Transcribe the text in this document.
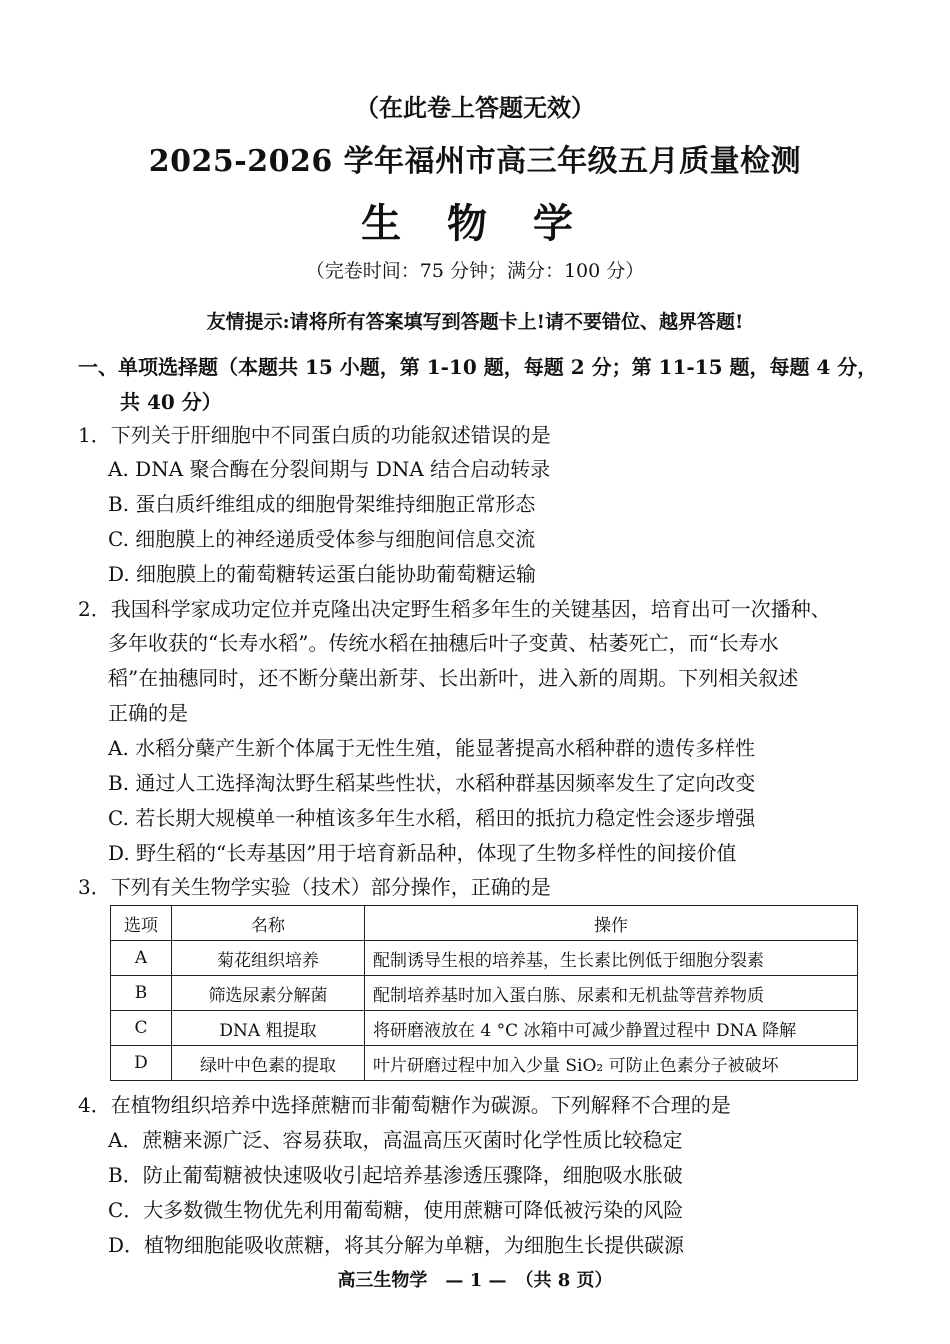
（在此卷上答题无效）
2025-2026 学年福州市高三年级五月质量检测
生 物 学
（完卷时间：75 分钟；满分：100 分）
友情提示:请将所有答案填写到答题卡上!请不要错位、越界答题!
一、单项选择题（本题共 15 小题，第 1-10 题，每题 2 分；第 11-15 题，每题 4 分，
共 40 分）
1．下列关于肝细胞中不同蛋白质的功能叙述错误的是
A. DNA 聚合酶在分裂间期与 DNA 结合启动转录
B. 蛋白质纤维组成的细胞骨架维持细胞正常形态
C. 细胞膜上的神经递质受体参与细胞间信息交流
D. 细胞膜上的葡萄糖转运蛋白能协助葡萄糖运输
2．我国科学家成功定位并克隆出决定野生稻多年生的关键基因，培育出可一次播种、
多年收获的“长寿水稻”。传统水稻在抽穗后叶子变黄、枯萎死亡，而“长寿水
稻”在抽穗同时，还不断分蘖出新芽、长出新叶，进入新的周期。下列相关叙述
正确的是
A. 水稻分蘖产生新个体属于无性生殖，能显著提高水稻种群的遗传多样性
B. 通过人工选择淘汰野生稻某些性状，水稻种群基因频率发生了定向改变
C. 若长期大规模单一种植该多年生水稻，稻田的抵抗力稳定性会逐步增强
D. 野生稻的“长寿基因”用于培育新品种，体现了生物多样性的间接价值
3．下列有关生物学实验（技术）部分操作，正确的是
选项	名称	操作
A	菊花组织培养	配制诱导生根的培养基，生长素比例低于细胞分裂素
B	筛选尿素分解菌	配制培养基时加入蛋白胨、尿素和无机盐等营养物质
C	DNA 粗提取	将研磨液放在 4 °C 冰箱中可减少静置过程中 DNA 降解
D	绿叶中色素的提取	叶片研磨过程中加入少量 SiO₂ 可防止色素分子被破坏
4．在植物组织培养中选择蔗糖而非葡萄糖作为碳源。下列解释不合理的是
A．蔗糖来源广泛、容易获取，高温高压灭菌时化学性质比较稳定
B．防止葡萄糖被快速吸收引起培养基渗透压骤降，细胞吸水胀破
C．大多数微生物优先利用葡萄糖，使用蔗糖可降低被污染的风险
D．植物细胞能吸收蔗糖，将其分解为单糖，为细胞生长提供碳源
高三生物学　— 1 —　（共 8 页）
